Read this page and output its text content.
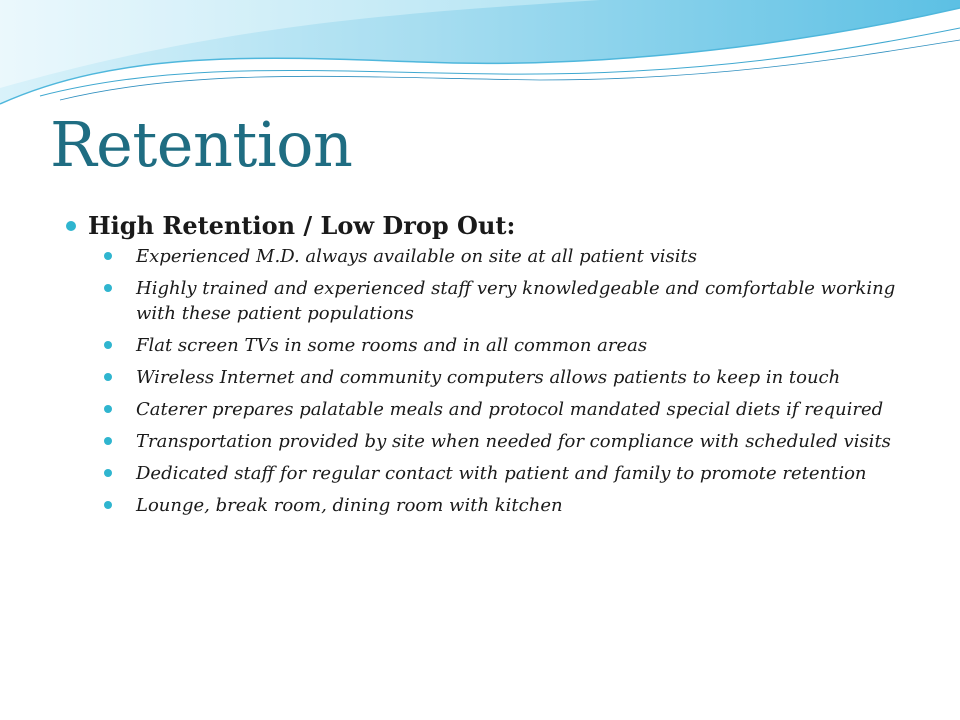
Retention
High Retention / Low Drop Out:
Experienced M.D. always available on site at all patient visits
Highly trained and experienced staff very knowledgeable and comfortable working with these patient populations
Flat screen TVs in some rooms and in all common areas
Wireless Internet and community computers allows patients to keep in touch
Caterer prepares palatable meals and protocol mandated special diets if required
Transportation provided by site when needed for compliance with scheduled visits
Dedicated staff for regular contact with patient and family to promote retention
Lounge, break room, dining room with kitchen
